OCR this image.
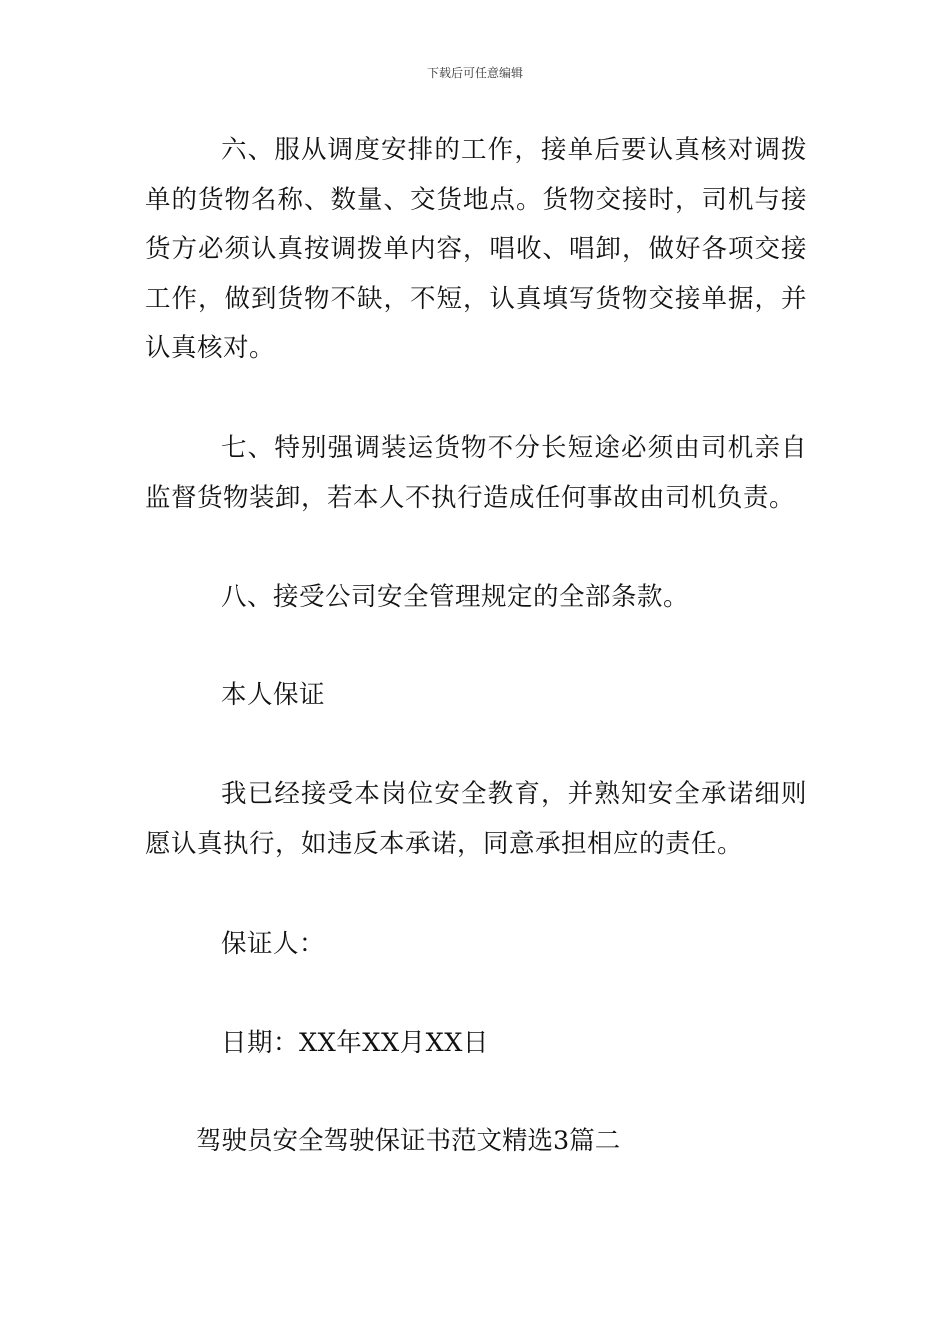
下载后可任意编辑

六、服从调度安排的工作，接单后要认真核对调拨单的货物名称、数量、交货地点。货物交接时，司机与接货方必须认真按调拨单内容，唱收、唱卸，做好各项交接工作，做到货物不缺，不短，认真填写货物交接单据，并认真核对。

七、特别强调装运货物不分长短途必须由司机亲自监督货物装卸，若本人不执行造成任何事故由司机负责。

八、接受公司安全管理规定的全部条款。

本人保证

我已经接受本岗位安全教育，并熟知安全承诺细则愿认真执行，如违反本承诺，同意承担相应的责任。

保证人：

日期：XX年XX月XX日

驾驶员安全驾驶保证书范文精选3篇二
